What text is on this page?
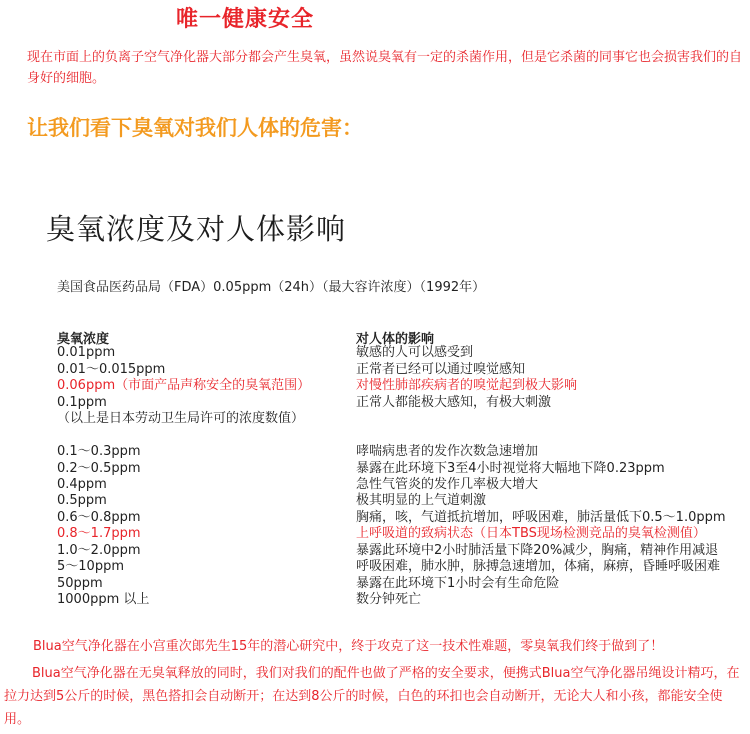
唯一健康安全
现在市面上的负离子空气净化器大部分都会产生臭氧，虽然说臭氧有一定的杀菌作用，但是它杀菌的同事它也会损害我们的自身好的细胞。
让我们看下臭氧对我们人体的危害：
臭氧浓度及对人体影响
美国食品医药品局（FDA）0.05ppm（24h）（最大容许浓度）（1992年）
臭氧浓度	对人体的影响
0.01ppm	敏感的人可以感受到
0.01～0.015ppm	正常者已经可以通过嗅觉感知
0.06ppm（市面产品声称安全的臭氧范围）	对慢性肺部疾病者的嗅觉起到极大影响
0.1ppm	正常人都能极大感知，有极大刺激
（以上是日本劳动卫生局许可的浓度数值）
0.1～0.3ppm	哮喘病患者的发作次数急速增加
0.2～0.5ppm	暴露在此环境下3至4小时视觉将大幅地下降0.23ppm
0.4ppm	急性气管炎的发作几率极大增大
0.5ppm	极其明显的上气道刺激
0.6～0.8ppm	胸痛，咳，气道抵抗增加，呼吸困难，肺活量低下0.5～1.0ppm
0.8～1.7ppm	上呼吸道的致病状态（日本TBS现场检测竞品的臭氧检测值）
1.0～2.0ppm	暴露此环境中2小时肺活量下降20%减少，胸痛，精神作用减退
5～10ppm	呼吸困难，肺水肿，脉搏急速增加，体痛，麻痹，昏睡呼吸困难
50ppm	暴露在此环境下1小时会有生命危险
1000ppm 以上	数分钟死亡
Blua空气净化器在小宫重次郎先生15年的潜心研究中，终于攻克了这一技术性难题，零臭氧我们终于做到了！
Blua空气净化器在无臭氧释放的同时，我们对我们的配件也做了严格的安全要求，便携式Blua空气净化器吊绳设计精巧，在拉力达到5公斤的时候，黑色搭扣会自动断开；在达到8公斤的时候，白色的环扣也会自动断开，无论大人和小孩，都能安全使用。
